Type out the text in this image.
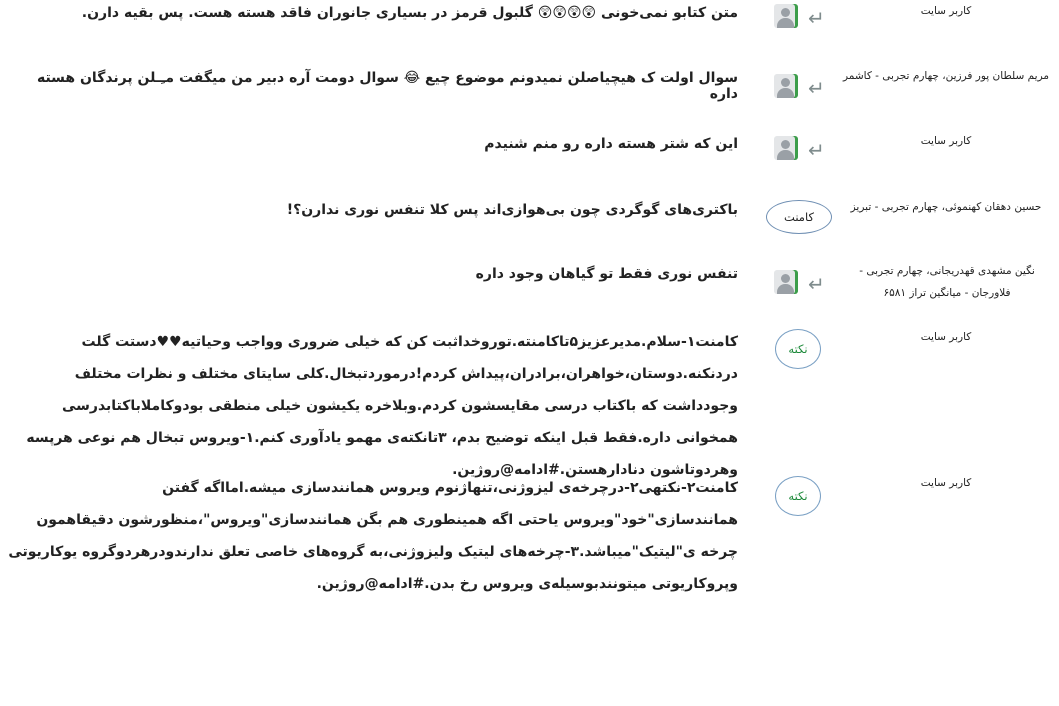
کاربر سایت
↵
متن کتابو نمی‌خونی 😲😲😲😲 گلبول قرمز در بسیاری جانوران فاقد هسته هست. پس بقیه دارن.
مریم سلطان پور فرزین، چهارم تجربی - کاشمر
↵
سوال اولت ک هیچیاصلن نمیدونم موضوع چیع 😂 سوال دومت آره دبیر من میگفت مـِـلن پرندگان هسته داره
کاربر سایت
↵
این که شتر هسته داره رو منم شنیدم
حسین دهقان کهنموئی، چهارم تجربی - تبریز
کامنت
باکتری‌های گوگردی چون بی‌هوازی‌اند پس کلا تنفس نوری ندارن؟!
نگین مشهدی قهدریجانی، چهارم تجربی - فلاورجان - میانگین تراز ۶۵۸۱
↵
تنفس نوری فقط تو گیاهان وجود داره
کاربر سایت
نکته
کامنت۱-سلام.مدیرعزیز۵تاکامنته.توروخداثبت کن که خیلی ضروری وواجب وحیاتیه♥♥دستت گلت دردنکنه.دوستان،خواهران،برادران،پیداش کردم!درموردتبخال.کلی سایتای مختلف و نظرات مختلف وجودداشت که باکتاب درسی مقایسشون کردم.وبلاخره یکیشون خیلی منطقی بودوکاملاباکتابدرسی همخوانی داره.فقط قبل اینکه توضیح بدم، ۳تانکته‌ی مهمو یادآوری کنم.۱-ویروس تبخال هم نوعی هرپسه وهردوتاشون دنادارهستن.#ادامه@روژین.
کاربر سایت
نکته
کامنت۲-نکتهی۲-درچرخه‌ی لیزوژنی،تنهاژنوم ویروس همانندسازی میشه.امااگه گفتن همانندسازی"خود"ویروس یاحتی اگه همینطوری هم بگن همانندسازی"ویروس"،منظورشون دقیقاهمون چرخه ی"لیتیک"میباشد.۳-چرخه‌های لیتیک ولیزوژنی،به گروه‌های خاصی تعلق ندارندودرهردوگروه یوکاریوتی وپروکاریوتی میتونندبوسیله‌ی ویروس رخ بدن.#ادامه@روژین.
